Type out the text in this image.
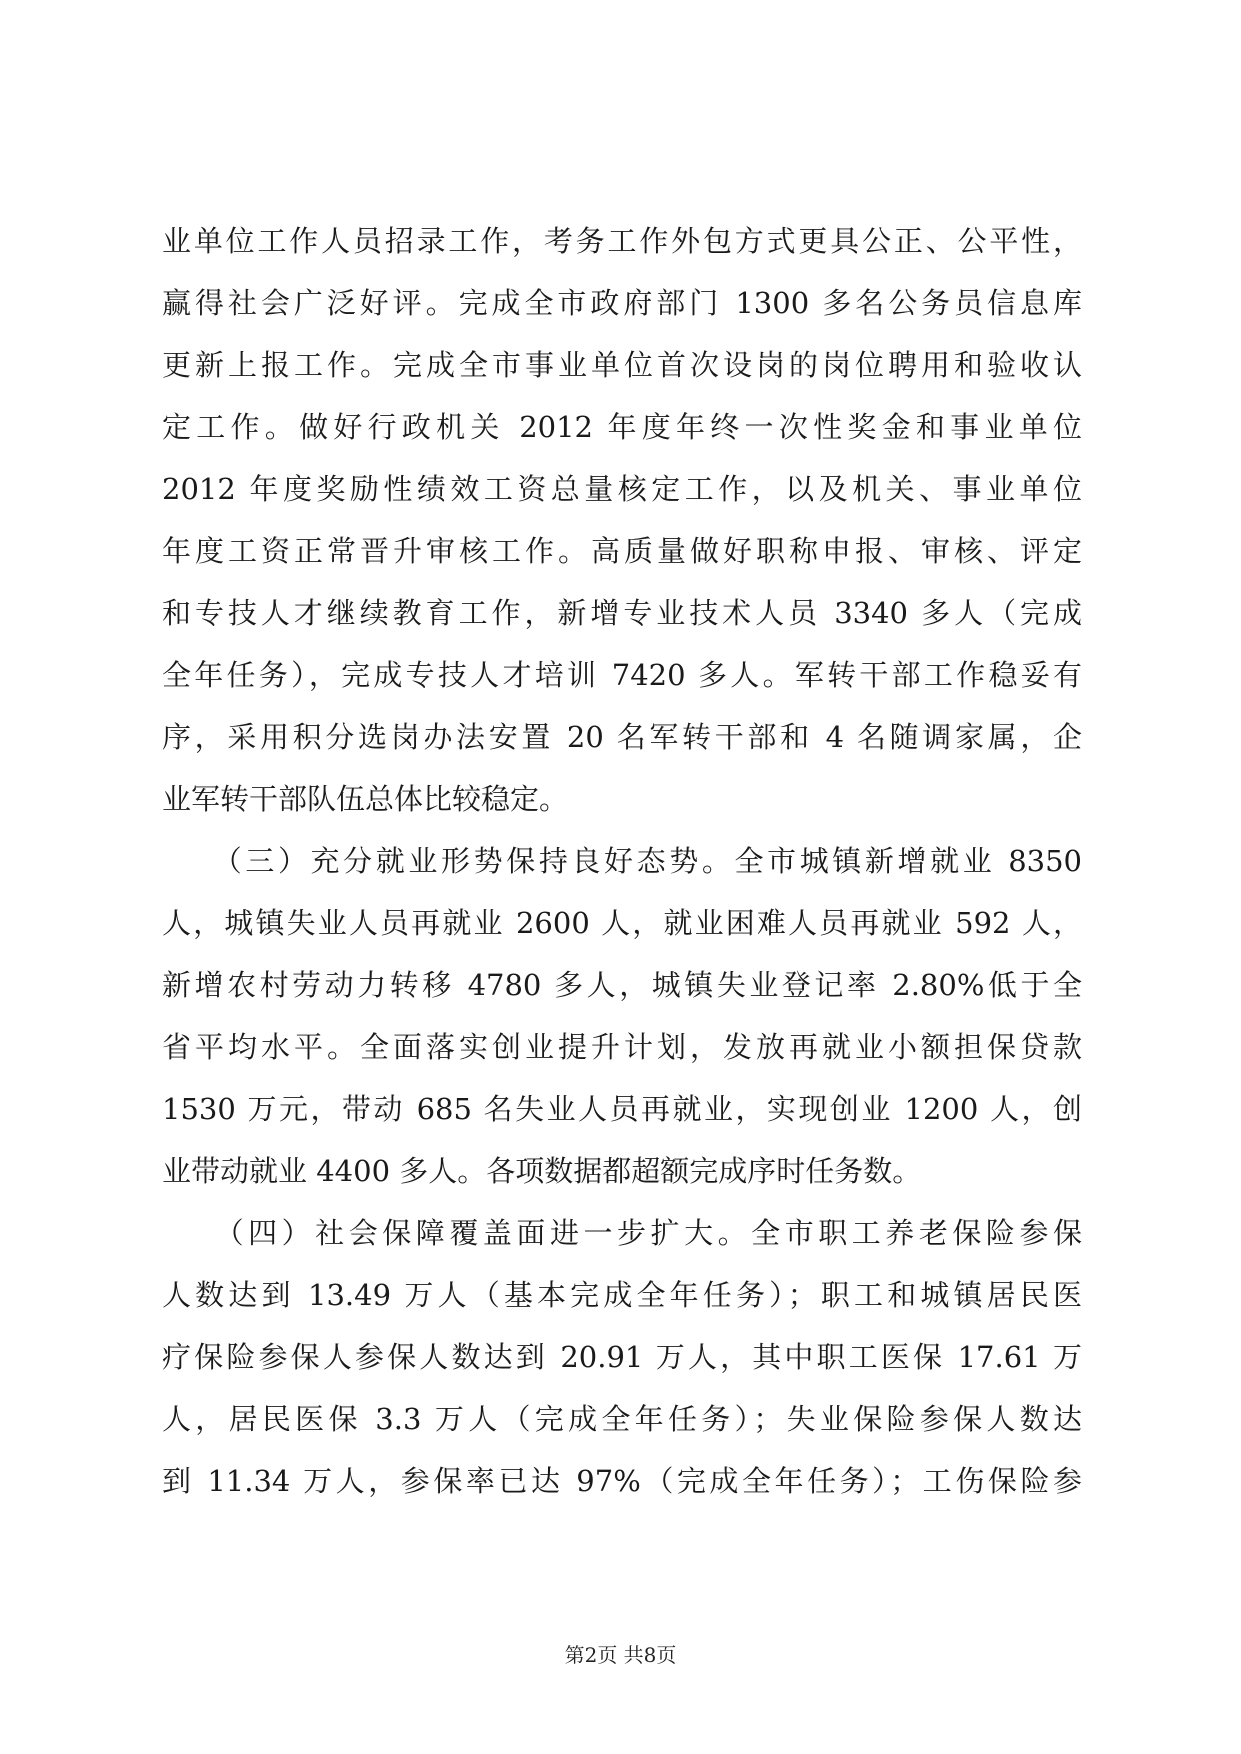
业单位工作人员招录工作，考务工作外包方式更具公正、公平性，
赢得社会广泛好评。完成全市政府部门 1300 多名公务员信息库
更新上报工作。完成全市事业单位首次设岗的岗位聘用和验收认
定工作。做好行政机关 2012 年度年终一次性奖金和事业单位
2012 年度奖励性绩效工资总量核定工作，以及机关、事业单位
年度工资正常晋升审核工作。高质量做好职称申报、审核、评定
和专技人才继续教育工作，新增专业技术人员 3340 多人（完成
全年任务），完成专技人才培训 7420 多人。军转干部工作稳妥有
序，采用积分选岗办法安置 20 名军转干部和 4 名随调家属，企
业军转干部队伍总体比较稳定。
　　（三）充分就业形势保持良好态势。全市城镇新增就业 8350
人，城镇失业人员再就业 2600 人，就业困难人员再就业 592 人，
新增农村劳动力转移 4780 多人，城镇失业登记率 2.80%低于全
省平均水平。全面落实创业提升计划，发放再就业小额担保贷款
1530 万元，带动 685 名失业人员再就业，实现创业 1200 人，创
业带动就业 4400 多人。各项数据都超额完成序时任务数。
　　（四）社会保障覆盖面进一步扩大。全市职工养老保险参保
人数达到 13.49 万人（基本完成全年任务）；职工和城镇居民医
疗保险参保人参保人数达到 20.91 万人，其中职工医保 17.61 万
人，居民医保 3.3 万人（完成全年任务）；失业保险参保人数达
到 11.34 万人，参保率已达 97%（完成全年任务）；工伤保险参
第2页 共8页
